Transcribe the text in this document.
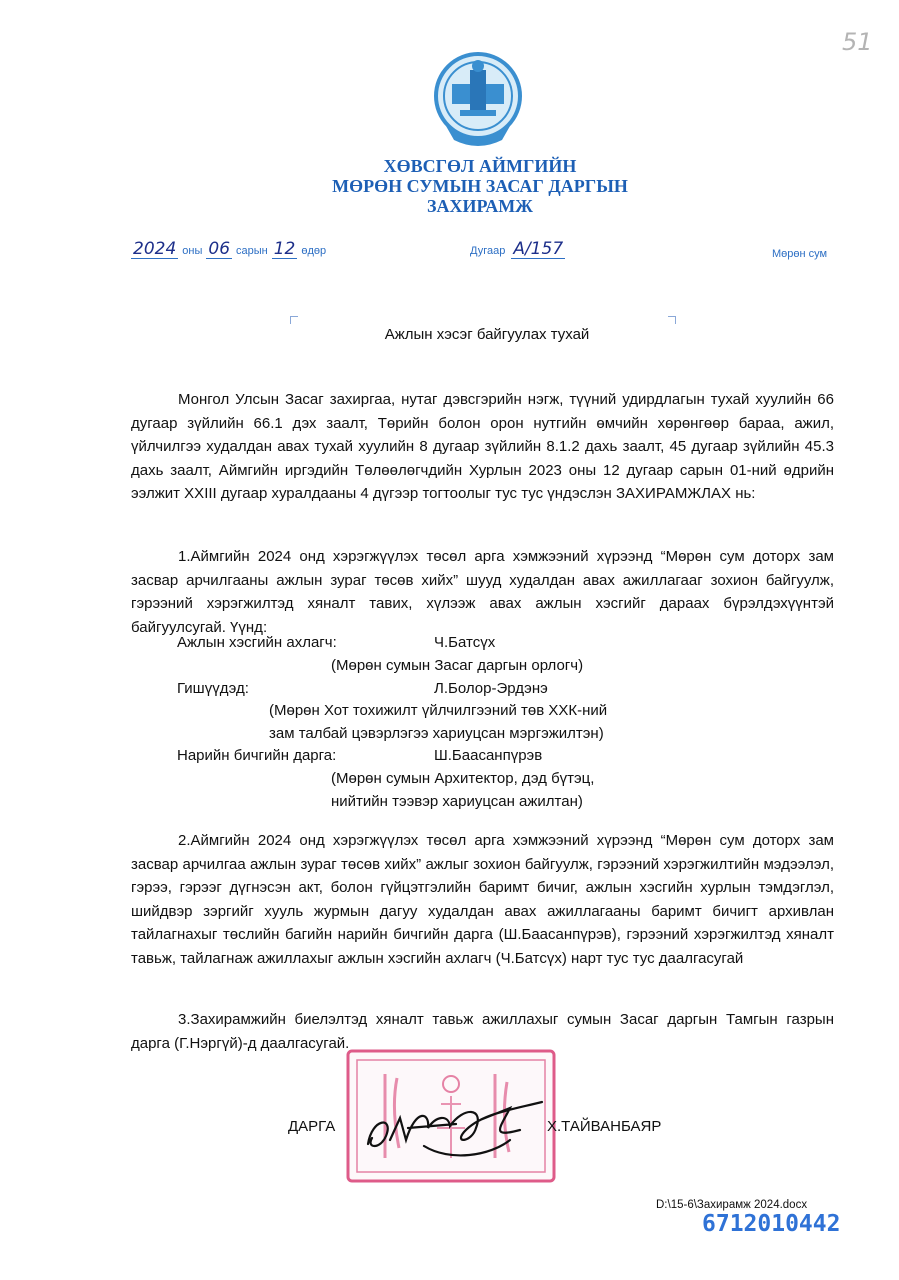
51
ХӨВСГӨЛ АЙМГИЙН
МӨРӨН СУМЫН ЗАСАГ ДАРГЫН
ЗАХИРАМЖ
2024 оны 06 сарын 12 өдөр	Дугаар А/157	Мөрөн сум
Ажлын хэсэг байгуулах тухай
Монгол Улсын Засаг захиргаа, нутаг дэвсгэрийн нэгж, түүний удирдлагын тухай хуулийн 66 дугаар зүйлийн 66.1 дэх заалт, Төрийн болон орон нутгийн өмчийн хөрөнгөөр бараа, ажил, үйлчилгээ худалдан авах тухай хуулийн 8 дугаар зүйлийн 8.1.2 дахь заалт, 45 дугаар зүйлийн 45.3 дахь заалт, Аймгийн иргэдийн Төлөөлөгчдийн Хурлын 2023 оны 12 дугаар сарын 01-ний өдрийн ээлжит XXIII дугаар хуралдааны 4 дүгээр тогтоолыг тус тус үндэслэн ЗАХИРАМЖЛАХ нь:
1.Аймгийн 2024 онд хэрэгжүүлэх төсөл арга хэмжээний хүрээнд “Мөрөн сум доторх зам засвар арчилгааны ажлын зураг төсөв хийх” шууд худалдан авах ажиллагааг зохион байгуулж, гэрээний хэрэгжилтэд хяналт тавих, хүлээж авах ажлын хэсгийг дараах бүрэлдэхүүнтэй байгуулсугай. Үүнд:
Ажлын хэсгийн ахлагч:	Ч.Батсүх
(Мөрөн сумын Засаг даргын орлогч)
Гишүүдэд:	Л.Болор-Эрдэнэ
(Мөрөн Хот тохижилт үйлчилгээний төв ХХК-ний
зам талбай цэвэрлэгээ хариуцсан мэргэжилтэн)
Нарийн бичгийн дарга:	Ш.Баасанпүрэв
(Мөрөн сумын Архитектор, дэд бүтэц,
нийтийн тээвэр хариуцсан ажилтан)
2.Аймгийн 2024 онд хэрэгжүүлэх төсөл арга хэмжээний хүрээнд “Мөрөн сум доторх зам засвар арчилгаа ажлын зураг төсөв хийх” ажлыг зохион байгуулж, гэрээний хэрэгжилтийн мэдээлэл, гэрээ, гэрээг дүгнэсэн акт, болон гүйцэтгэлийн баримт бичиг, ажлын хэсгийн хурлын тэмдэглэл, шийдвэр зэргийг хууль журмын дагуу худалдан авах ажиллагааны баримт бичигт архивлан тайлагнахыг төслийн багийн нарийн бичгийн дарга (Ш.Баасанпүрэв), гэрээний хэрэгжилтэд хяналт тавьж, тайлагнаж ажиллахыг ажлын хэсгийн ахлагч (Ч.Батсүх) нарт тус тус даалгасугай
3.Захирамжийн биелэлтэд хяналт тавьж ажиллахыг сумын Засаг даргын Тамгын газрын дарга (Г.Нэргүй)-д даалгасугай.
ДАРГА	Х.ТАЙВАНБАЯР
D:\15-6\Захирамж 2024.docx
6712010442
